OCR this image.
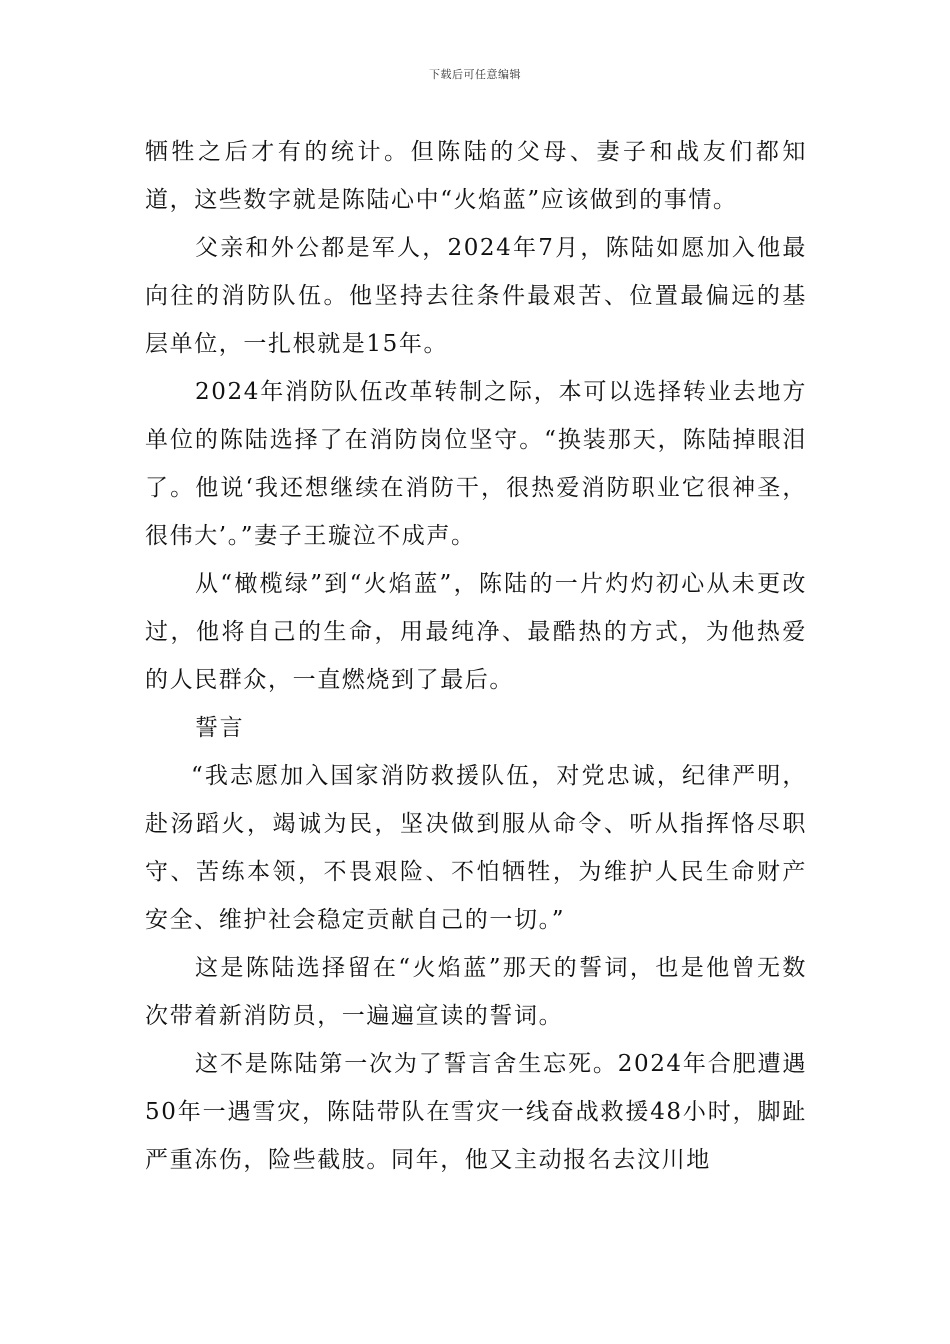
下载后可任意编辑

牺牲之后才有的统计。但陈陆的父母、妻子和战友们都知道，这些数字就是陈陆心中“火焰蓝”应该做到的事情。

父亲和外公都是军人，2024年7月，陈陆如愿加入他最向往的消防队伍。他坚持去往条件最艰苦、位置最偏远的基层单位，一扎根就是15年。

2024年消防队伍改革转制之际，本可以选择转业去地方单位的陈陆选择了在消防岗位坚守。“换装那天，陈陆掉眼泪了。他说‘我还想继续在消防干，很热爱消防职业它很神圣，很伟大’。”妻子王璇泣不成声。

从“橄榄绿”到“火焰蓝”，陈陆的一片灼灼初心从未更改过，他将自己的生命，用最纯净、最酷热的方式，为他热爱的人民群众，一直燃烧到了最后。

誓言

“我志愿加入国家消防救援队伍，对党忠诚，纪律严明，赴汤蹈火，竭诚为民，坚决做到服从命令、听从指挥恪尽职守、苦练本领，不畏艰险、不怕牺牲，为维护人民生命财产安全、维护社会稳定贡献自己的一切。”

这是陈陆选择留在“火焰蓝”那天的誓词，也是他曾无数次带着新消防员，一遍遍宣读的誓词。

这不是陈陆第一次为了誓言舍生忘死。2024年合肥遭遇50年一遇雪灾，陈陆带队在雪灾一线奋战救援48小时，脚趾严重冻伤，险些截肢。同年，他又主动报名去汶川地
